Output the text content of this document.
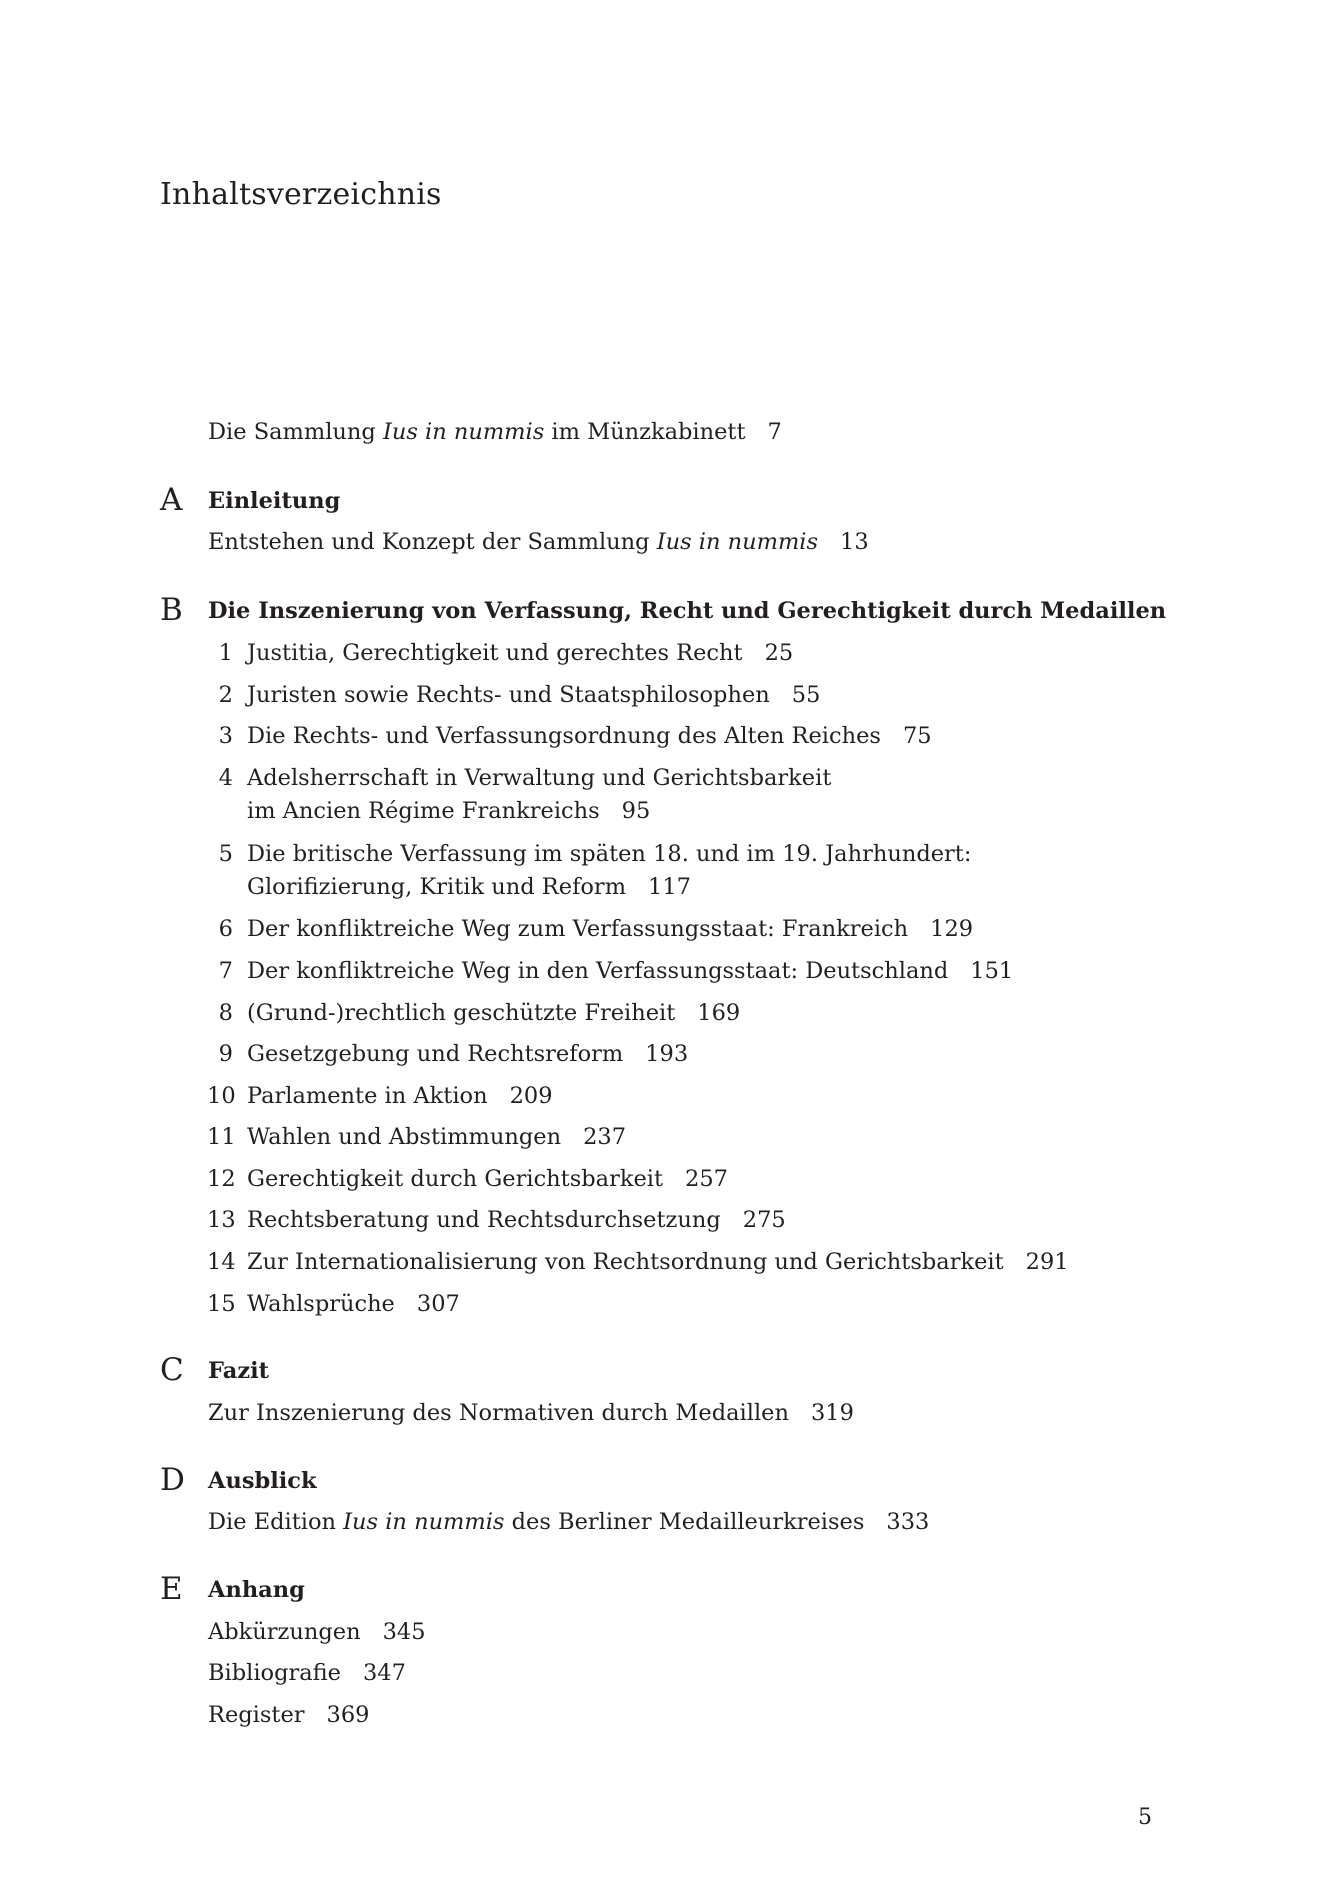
Inhaltsverzeichnis
Die Sammlung Ius in nummis im Münzkabinett 7
A Einleitung
Entstehen und Konzept der Sammlung Ius in nummis 13
B Die Inszenierung von Verfassung, Recht und Gerechtigkeit durch Medaillen
1 Justitia, Gerechtigkeit und gerechtes Recht 25
2 Juristen sowie Rechts- und Staatsphilosophen 55
3 Die Rechts- und Verfassungsordnung des Alten Reiches 75
4 Adelsherrschaft in Verwaltung und Gerichtsbarkeit
im Ancien Régime Frankreichs 95
5 Die britische Verfassung im späten 18. und im 19. Jahrhundert:
Glorifizierung, Kritik und Reform 117
6 Der konfliktreiche Weg zum Verfassungsstaat: Frankreich 129
7 Der konfliktreiche Weg in den Verfassungsstaat: Deutschland 151
8 (Grund-)rechtlich geschützte Freiheit 169
9 Gesetzgebung und Rechtsreform 193
10 Parlamente in Aktion 209
11 Wahlen und Abstimmungen 237
12 Gerechtigkeit durch Gerichtsbarkeit 257
13 Rechtsberatung und Rechtsdurchsetzung 275
14 Zur Internationalisierung von Rechtsordnung und Gerichtsbarkeit 291
15 Wahlsprüche 307
C Fazit
Zur Inszenierung des Normativen durch Medaillen 319
D Ausblick
Die Edition Ius in nummis des Berliner Medailleurkreises 333
E Anhang
Abkürzungen 345
Bibliografie 347
Register 369
5
